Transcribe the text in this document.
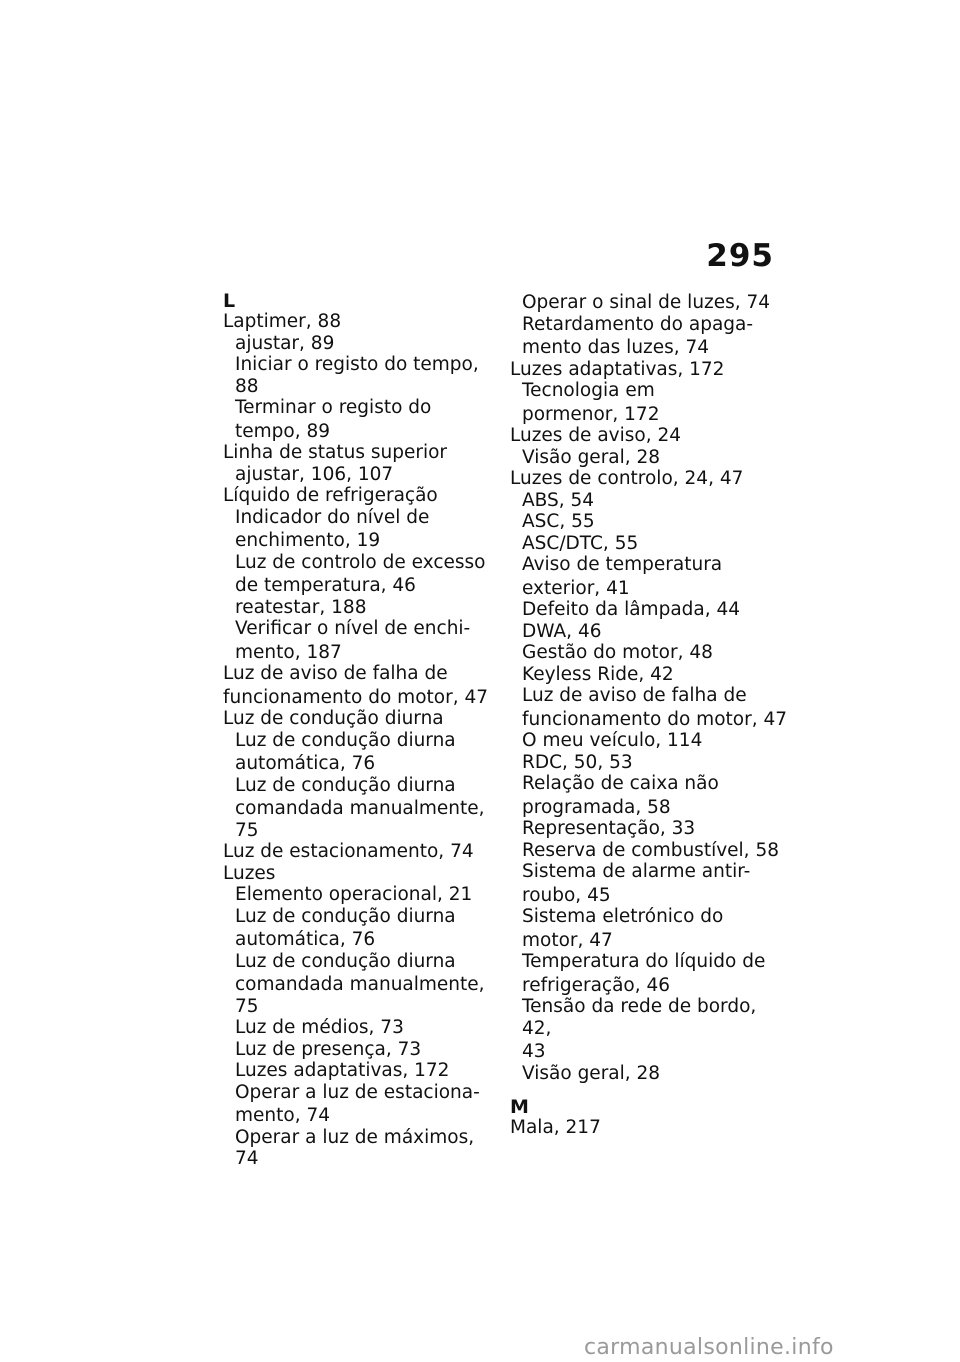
295
L
Laptimer, 88
ajustar, 89
Iniciar o registo do tempo, 88
Terminar o registo do
tempo, 89
Linha de status superior
ajustar, 106, 107
Líquido de refrigeração
Indicador do nível de
enchimento, 19
Luz de controlo de excesso
de temperatura, 46
reatestar, 188
Verificar o nível de enchi-
mento, 187
Luz de aviso de falha de
funcionamento do motor, 47
Luz de condução diurna
Luz de condução diurna
automática, 76
Luz de condução diurna
comandada manualmente, 75
Luz de estacionamento, 74
Luzes
Elemento operacional, 21
Luz de condução diurna
automática, 76
Luz de condução diurna
comandada manualmente, 75
Luz de médios, 73
Luz de presença, 73
Luzes adaptativas, 172
Operar a luz de estaciona-
mento, 74
Operar a luz de máximos, 74
Operar o sinal de luzes, 74
Retardamento do apaga-
mento das luzes, 74
Luzes adaptativas, 172
Tecnologia em
pormenor, 172
Luzes de aviso, 24
Visão geral, 28
Luzes de controlo, 24, 47
ABS, 54
ASC, 55
ASC/DTC, 55
Aviso de temperatura
exterior, 41
Defeito da lâmpada, 44
DWA, 46
Gestão do motor, 48
Keyless Ride, 42
Luz de aviso de falha de
funcionamento do motor, 47
O meu veículo, 114
RDC, 50, 53
Relação de caixa não
programada, 58
Representação, 33
Reserva de combustível, 58
Sistema de alarme antir-
roubo, 45
Sistema eletrónico do
motor, 47
Temperatura do líquido de
refrigeração, 46
Tensão da rede de bordo, 42,
43
Visão geral, 28
M
Mala, 217
carmanualsonline.info
